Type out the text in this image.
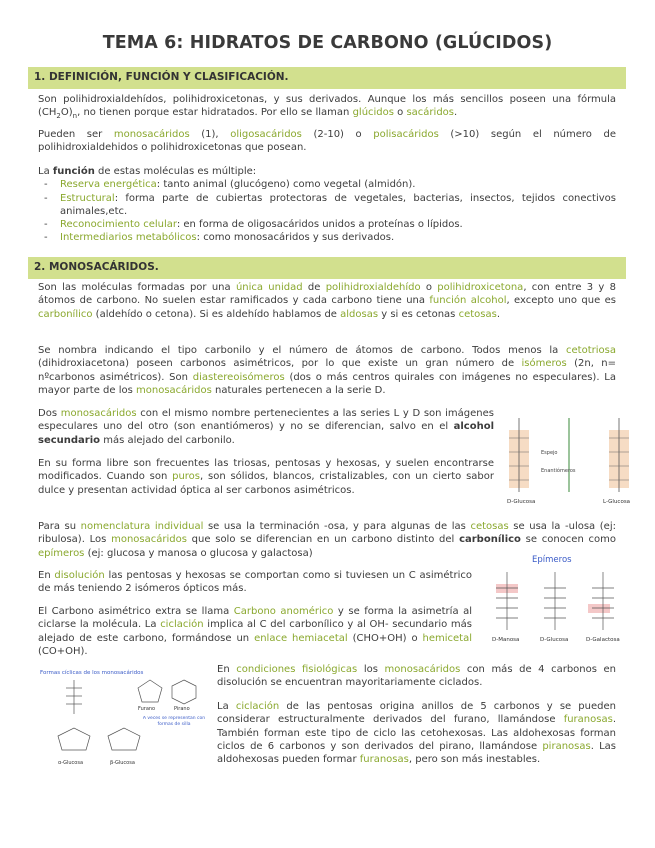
TEMA 6: HIDRATOS DE CARBONO (GLÚCIDOS)
1. DEFINICIÓN, FUNCIÓN Y CLASIFICACIÓN.
Son polihidroxialdehídos, polihidroxicetonas, y sus derivados. Aunque los más sencillos poseen una fórmula $(CH_2O)_n$, no tienen porque estar hidratados. Por ello se llaman glúcidos o sacáridos.
Pueden ser monosacáridos (1), oligosacáridos (2-10) o polisacáridos (>10) según el número de polihidroxialdehidos o polihidroxicetonas que posean.
La función de estas moléculas es múltiple:
- Reserva energética: tanto animal (glucógeno) como vegetal (almidón).
- Estructural: forma parte de cubiertas protectoras de vegetales, bacterias, insectos, tejidos conectivos animales,etc.
- Reconocimiento celular: en forma de oligosacáridos unidos a proteínas o lípidos.
- Intermediarios metabólicos: como monosacáridos y sus derivados.
2. MONOSACÁRIDOS.
Son las moléculas formadas por una única unidad de polihidroxialdehído o polihidroxicetona, con entre 3 y 8 átomos de carbono. No suelen estar ramificados y cada carbono tiene una función alcohol, excepto uno que es carbonílico (aldehído o cetona). Si es aldehído hablamos de aldosas y si es cetonas cetosas.
Se nombra indicando el tipo carbonilo y el número de átomos de carbono. Todos menos la cetotriosa (dihidroxiacetona) poseen carbonos asimétricos, por lo que existe un gran número de isómeros (2n, n= nºcarbonos asimétricos). Son diastereoisómeros (dos o más centros quirales con imágenes no especulares). La mayor parte de los monosacáridos naturales pertenecen a la serie D.
Dos monosacáridos con el mismo nombre pertenecientes a las series L y D son imágenes especulares uno del otro (son enantiómeros) y no se diferencian, salvo en el alcohol secundario más alejado del carbonilo.
En su forma libre son frecuentes las triosas, pentosas y hexosas, y suelen encontrarse modificados. Cuando son puros, son sólidos, blancos, cristalizables, con un cierto sabor dulce y presentan actividad óptica al ser carbonos asimétricos.
Espejo
Enantiómeros
D-Glucosa	L-Glucosa
Para su nomenclatura individual se usa la terminación -osa, y para algunas de las cetosas se usa la -ulosa (ej: ribulosa). Los monosacáridos que solo se diferencian en un carbono distinto del carbonílico se conocen como epímeros (ej: glucosa y manosa o glucosa y galactosa)
En disolución las pentosas y hexosas se comportan como si tuviesen un C asimétrico de más teniendo 2 isómeros ópticos más.
El Carbono asimétrico extra se llama Carbono anomérico y se forma la asimetría al ciclarse la molécula. La ciclación implica al C del carbonílico y al OH- secundario más alejado de este carbono, formándose un enlace hemiacetal (CHO+OH) o hemicetal (CO+OH).
Epímeros
D-Manosa	D-Glucosa	D-Galactosa
Formas cíclicas de los monosacáridos
Furano	Pirano
A veces se representan con formas de silla
α-Glucosa	β-Glucosa
En condiciones fisiológicas los monosacáridos con más de 4 carbonos en disolución se encuentran mayoritariamente ciclados.
La ciclación de las pentosas origina anillos de 5 carbonos y se pueden considerar estructuralmente derivados del furano, llamándose furanosas. También forman este tipo de ciclo las cetohexosas. Las aldohexosas forman ciclos de 6 carbonos y son derivados del pirano, llamándose piranosas. Las aldohexosas pueden formar furanosas, pero son más inestables.
